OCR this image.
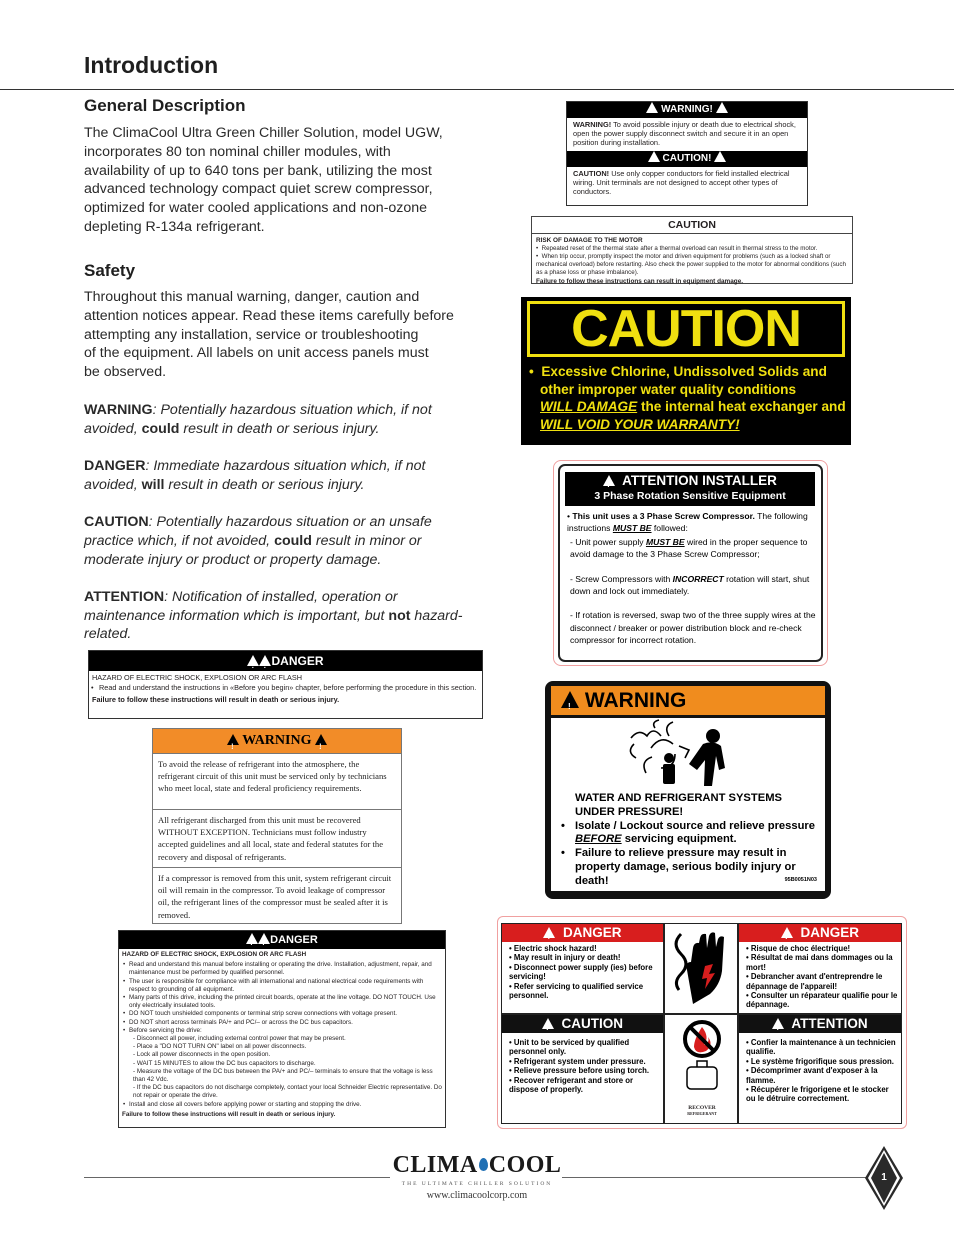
Introduction
General Description

The ClimaCool Ultra Green Chiller Solution, model UGW,

incorporates 80 ton nominal chiller modules, with

availability of up to 640 tons per bank, utilizing the most

advanced technology compact quiet screw compressor,

optimized for water cooled applications and non-ozone

depleting R-134a refrigerant.

Safety

Throughout this manual warning, danger, caution and

attention notices appear. Read these items carefully before

attempting any installation, service or troubleshooting

of the equipment. All labels on unit access panels must

be observed.

WARNING: Potentially hazardous situation which, if not avoided, could result in death or serious injury.
DANGER: Immediate hazardous situation which, if not avoided, will result in death or serious injury.
CAUTION: Potentially hazardous situation or an unsafe practice which, if not avoided, could result in minor or moderate injury or product or property damage.
ATTENTION: Notification of installed, operation or maintenance information which is important, but not hazard-related.
! WARNING! !
WARNING! To avoid possible injury or death due to electrical shock, open the power supply disconnect switch and secure it in an open position during installation.
! CAUTION! !
CAUTION! Use only copper conductors for field installed electrical wiring. Unit terminals are not designed to accept other types of conductors.
CAUTION
RISK OF DAMAGE TO THE MOTOR
•  Repeated reset of the thermal state after a thermal overload can result in thermal stress to the motor.
•  When trip occur, promptly inspect the motor and driven equipment for problems (such as a locked shaft or mechanical overload) before restarting. Also check the power supplied to the motor for abnormal conditions (such as a phase loss or phase imbalance).
Failure to follow these instructions can result in equipment damage.
CAUTION
•  Excessive Chlorine, Undissolved Solids and
other improper water quality conditions
WILL DAMAGE the internal heat exchanger and
WILL VOID YOUR WARRANTY!
!  ATTENTION INSTALLER
3 Phase Rotation Sensitive Equipment
• This unit uses a 3 Phase Screw Compressor. The following instructions MUST BE followed:
- Unit power supply MUST BE wired in the proper sequence to avoid damage to the 3 Phase Screw Compressor;
- Screw Compressors with INCORRECT rotation will start, shut down and lock out immediately.
- If rotation is reversed, swap two of the three supply wires at the disconnect / breaker or power distribution block and re-check compressor for incorrect rotation.
! WARNING
WATER AND REFRIGERANT SYSTEMS
UNDER PRESSURE!
• Isolate / Lockout source and relieve pressure BEFORE servicing equipment.
• Failure to relieve pressure may result in property damage, serious bodily injury or death!	95B0051N03
!!DANGER
HAZARD OF ELECTRIC SHOCK, EXPLOSION OR ARC FLASH
• Read and understand the instructions in «Before you begin» chapter, before performing the procedure in this section.
Failure to follow these instructions will result in death or serious injury.
! WARNING !
To avoid the release of refrigerant into the atmosphere, the refrigerant circuit of this unit must be serviced only by technicians who meet local, state and federal proficiency requirements.
All refrigerant discharged from this unit must be recovered WITHOUT EXCEPTION. Technicians must follow industry accepted guidelines and all local, state and federal statutes for the recovery and disposal of refrigerants.
If a compressor is removed from this unit, system refrigerant circuit oil will remain in the compressor. To avoid leakage of compressor oil, the refrigerant lines of the compressor must be sealed after it is removed.
!!DANGER
HAZARD OF ELECTRIC SHOCK, EXPLOSION OR ARC FLASH
• Read and understand this manual before installing or operating the drive. Installation, adjustment, repair, and maintenance must be performed by qualified personnel.
• The user is responsible for compliance with all international and national electrical code requirements with respect to grounding of all equipment.
• Many parts of this drive, including the printed circuit boards, operate at the line voltage. DO NOT TOUCH. Use only electrically insulated tools.
• DO NOT touch unshielded components or terminal strip screw connections with voltage present.
• DO NOT short across terminals PA/+ and PC/– or across the DC bus capacitors.
• Before servicing the drive:
- Disconnect all power, including external control power that may be present.
- Place a "DO NOT TURN ON" label on all power disconnects.
- Lock all power disconnects in the open position.
- WAIT 15 MINUTES to allow the DC bus capacitors to discharge.
- Measure the voltage of the DC bus between the PA/+ and PC/– terminals to ensure that the voltage is less than 42 Vdc.
- If the DC bus capacitors do not discharge completely, contact your local Schneider Electric representative. Do not repair or operate the drive.
• Install and close all covers before applying power or starting and stopping the drive.
Failure to follow these instructions will result in death or serious injury.
!  DANGER
• Electric shock hazard!
• May result in injury or death!
• Disconnect power supply (ies) before servicing!
• Refer servicing to qualified service personnel.
!  DANGER
• Risque de choc électrique!
• Résultat de mai dans dommages ou la mort!
• Debrancher avant d'entreprendre le dépannage de l'appareil!
• Consulter un réparateur qualifie pour le dépannage.
!  CAUTION
• Unit to be serviced by qualified personnel only.
• Refrigerant system under pressure.
• Relieve pressure before using torch.
• Recover refrigerant and store or dispose of properly.
RECOVER
REFRIGERANT
!  ATTENTION
• Confier la maintenance à un technicien qualifie.
• Le système frigorifique sous pression.
• Décomprimer avant d'exposer à la flamme.
• Récupérer le frigorigene et le stocker ou le détruire correctement.
CLIMA COOL
THE ULTIMATE CHILLER SOLUTION
www.climacoolcorp.com
1
